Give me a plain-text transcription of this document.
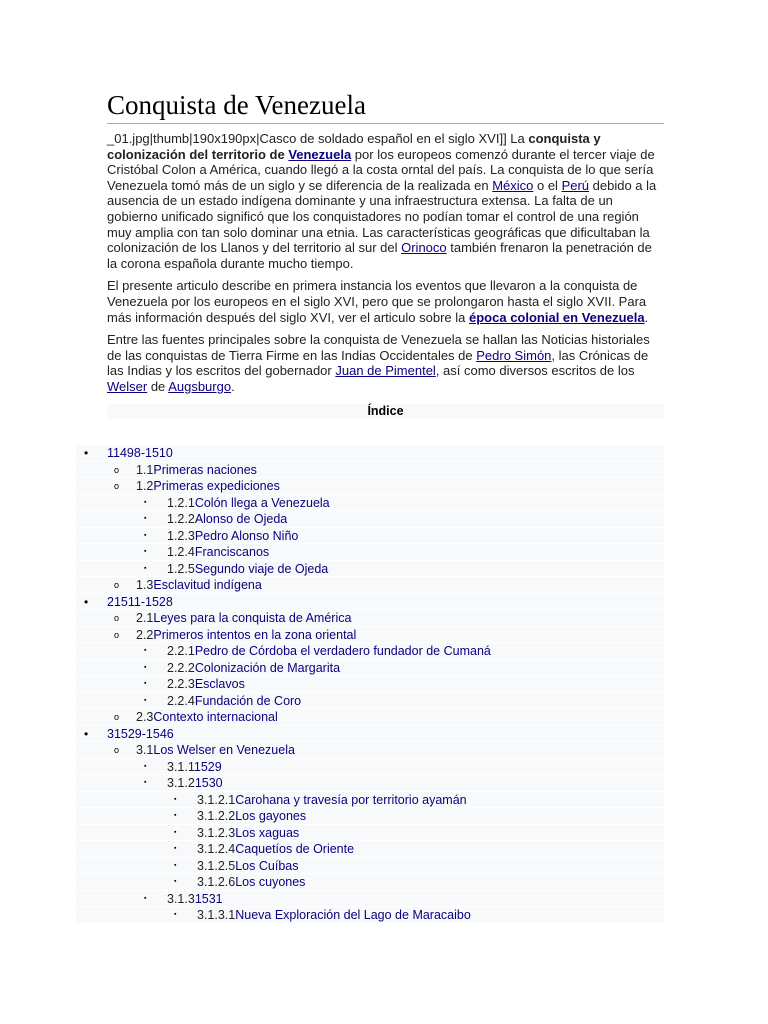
Conquista de Venezuela

_01.jpg|thumb|190x190px|Casco de soldado español en el siglo XVI]] La conquista y colonización del territorio de Venezuela por los europeos comenzó durante el tercer viaje de Cristóbal Colon a América, cuando llegó a la costa orntal del país. La conquista de lo que sería Venezuela tomó más de un siglo y se diferencia de la realizada en México o el Perú debido a la ausencia de un estado indígena dominante y una infraestructura extensa. La falta de un gobierno unificado significó que los conquistadores no podían tomar el control de una región muy amplia con tan solo dominar una etnia. Las características geográficas que dificultaban la colonización de los Llanos y del territorio al sur del Orinoco también frenaron la penetración de la corona española durante mucho tiempo.

El presente articulo describe en primera instancia los eventos que llevaron a la conquista de Venezuela por los europeos en el siglo XVI, pero que se prolongaron hasta el siglo XVII. Para más información después del siglo XVI, ver el articulo sobre la época colonial en Venezuela.

Entre las fuentes principales sobre la conquista de Venezuela se hallan las Noticias historiales de las conquistas de Tierra Firme en las Indias Occidentales de Pedro Simón, las Crónicas de las Indias y los escritos del gobernador Juan de Pimentel, así como diversos escritos de los Welser de Augsburgo.

Índice
• 11498-1510
o 1.1Primeras naciones
o 1.2Primeras expediciones
▪ 1.2.1Colón llega a Venezuela
▪ 1.2.2Alonso de Ojeda
▪ 1.2.3Pedro Alonso Niño
▪ 1.2.4Franciscanos
▪ 1.2.5Segundo viaje de Ojeda
o 1.3Esclavitud indígena
• 21511-1528
o 2.1Leyes para la conquista de América
o 2.2Primeros intentos en la zona oriental
▪ 2.2.1Pedro de Córdoba el verdadero fundador de Cumaná
▪ 2.2.2Colonización de Margarita
▪ 2.2.3Esclavos
▪ 2.2.4Fundación de Coro
o 2.3Contexto internacional
• 31529-1546
o 3.1Los Welser en Venezuela
▪ 3.1.11529
▪ 3.1.21530
▪ 3.1.2.1Carohana y travesía por territorio ayamán
▪ 3.1.2.2Los gayones
▪ 3.1.2.3Los xaguas
▪ 3.1.2.4Caquetíos de Oriente
▪ 3.1.2.5Los Cuíbas
▪ 3.1.2.6Los cuyones
▪ 3.1.31531
▪ 3.1.3.1Nueva Exploración del Lago de Maracaibo
